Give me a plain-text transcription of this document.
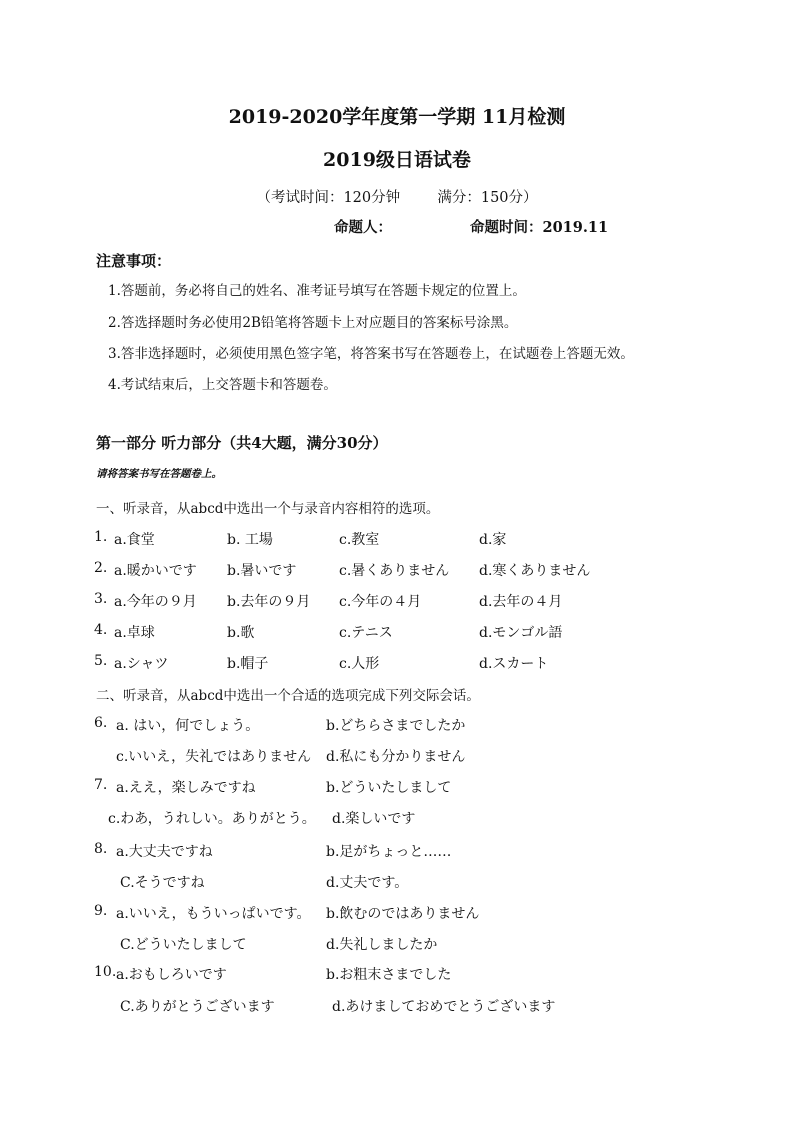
2019-2020学年度第一学期 11月检测
2019级日语试卷
（考试时间：120分钟	满分：150分）
命题人：	命题时间：2019.11
注意事项：
1.答题前，务必将自己的姓名、准考证号填写在答题卡规定的位置上。
2.答选择题时务必使用2B铅笔将答题卡上对应题目的答案标号涂黑。
3.答非选择题时，必须使用黑色签字笔，将答案书写在答题卷上，在试题卷上答题无效。
4.考试结束后，上交答题卡和答题卷。
第一部分 听力部分（共4大题，满分30分）
请将答案书写在答题卷上。
一、听录音，从abcd中选出一个与录音内容相符的选项。
1. a.食堂	b. 工場	c.教室	d.家
2. a.暖かいです b.暑いです	c.暑くありません d.寒くありません
3. a.今年の９月 b.去年の９月 c.今年の４月	d.去年の４月
4. a.卓球	b.歌	c.テニス	d.モンゴル語
5. a.シャツ	b.帽子	c.人形	d.スカート
二、听录音，从abcd中选出一个合适的选项完成下列交际会话。
6. a. はい，何でしょう。	b.どちらさまでしたか
c.いいえ，失礼ではありません d.私にも分かりません
7. a.ええ，楽しみですね	b.どういたしまして
c.わあ，うれしい。ありがとう。 d.楽しいです
8. a.大丈夫ですね	b.足がちょっと……
C.そうですね	d.丈夫です。
9. a.いいえ，もういっぱいです。 b.飲むのではありません
C.どういたしまして	d.失礼しましたか
10. a.おもしろいです	b.お粗末さまでした
C.ありがとうございます	d.あけましておめでとうございます
